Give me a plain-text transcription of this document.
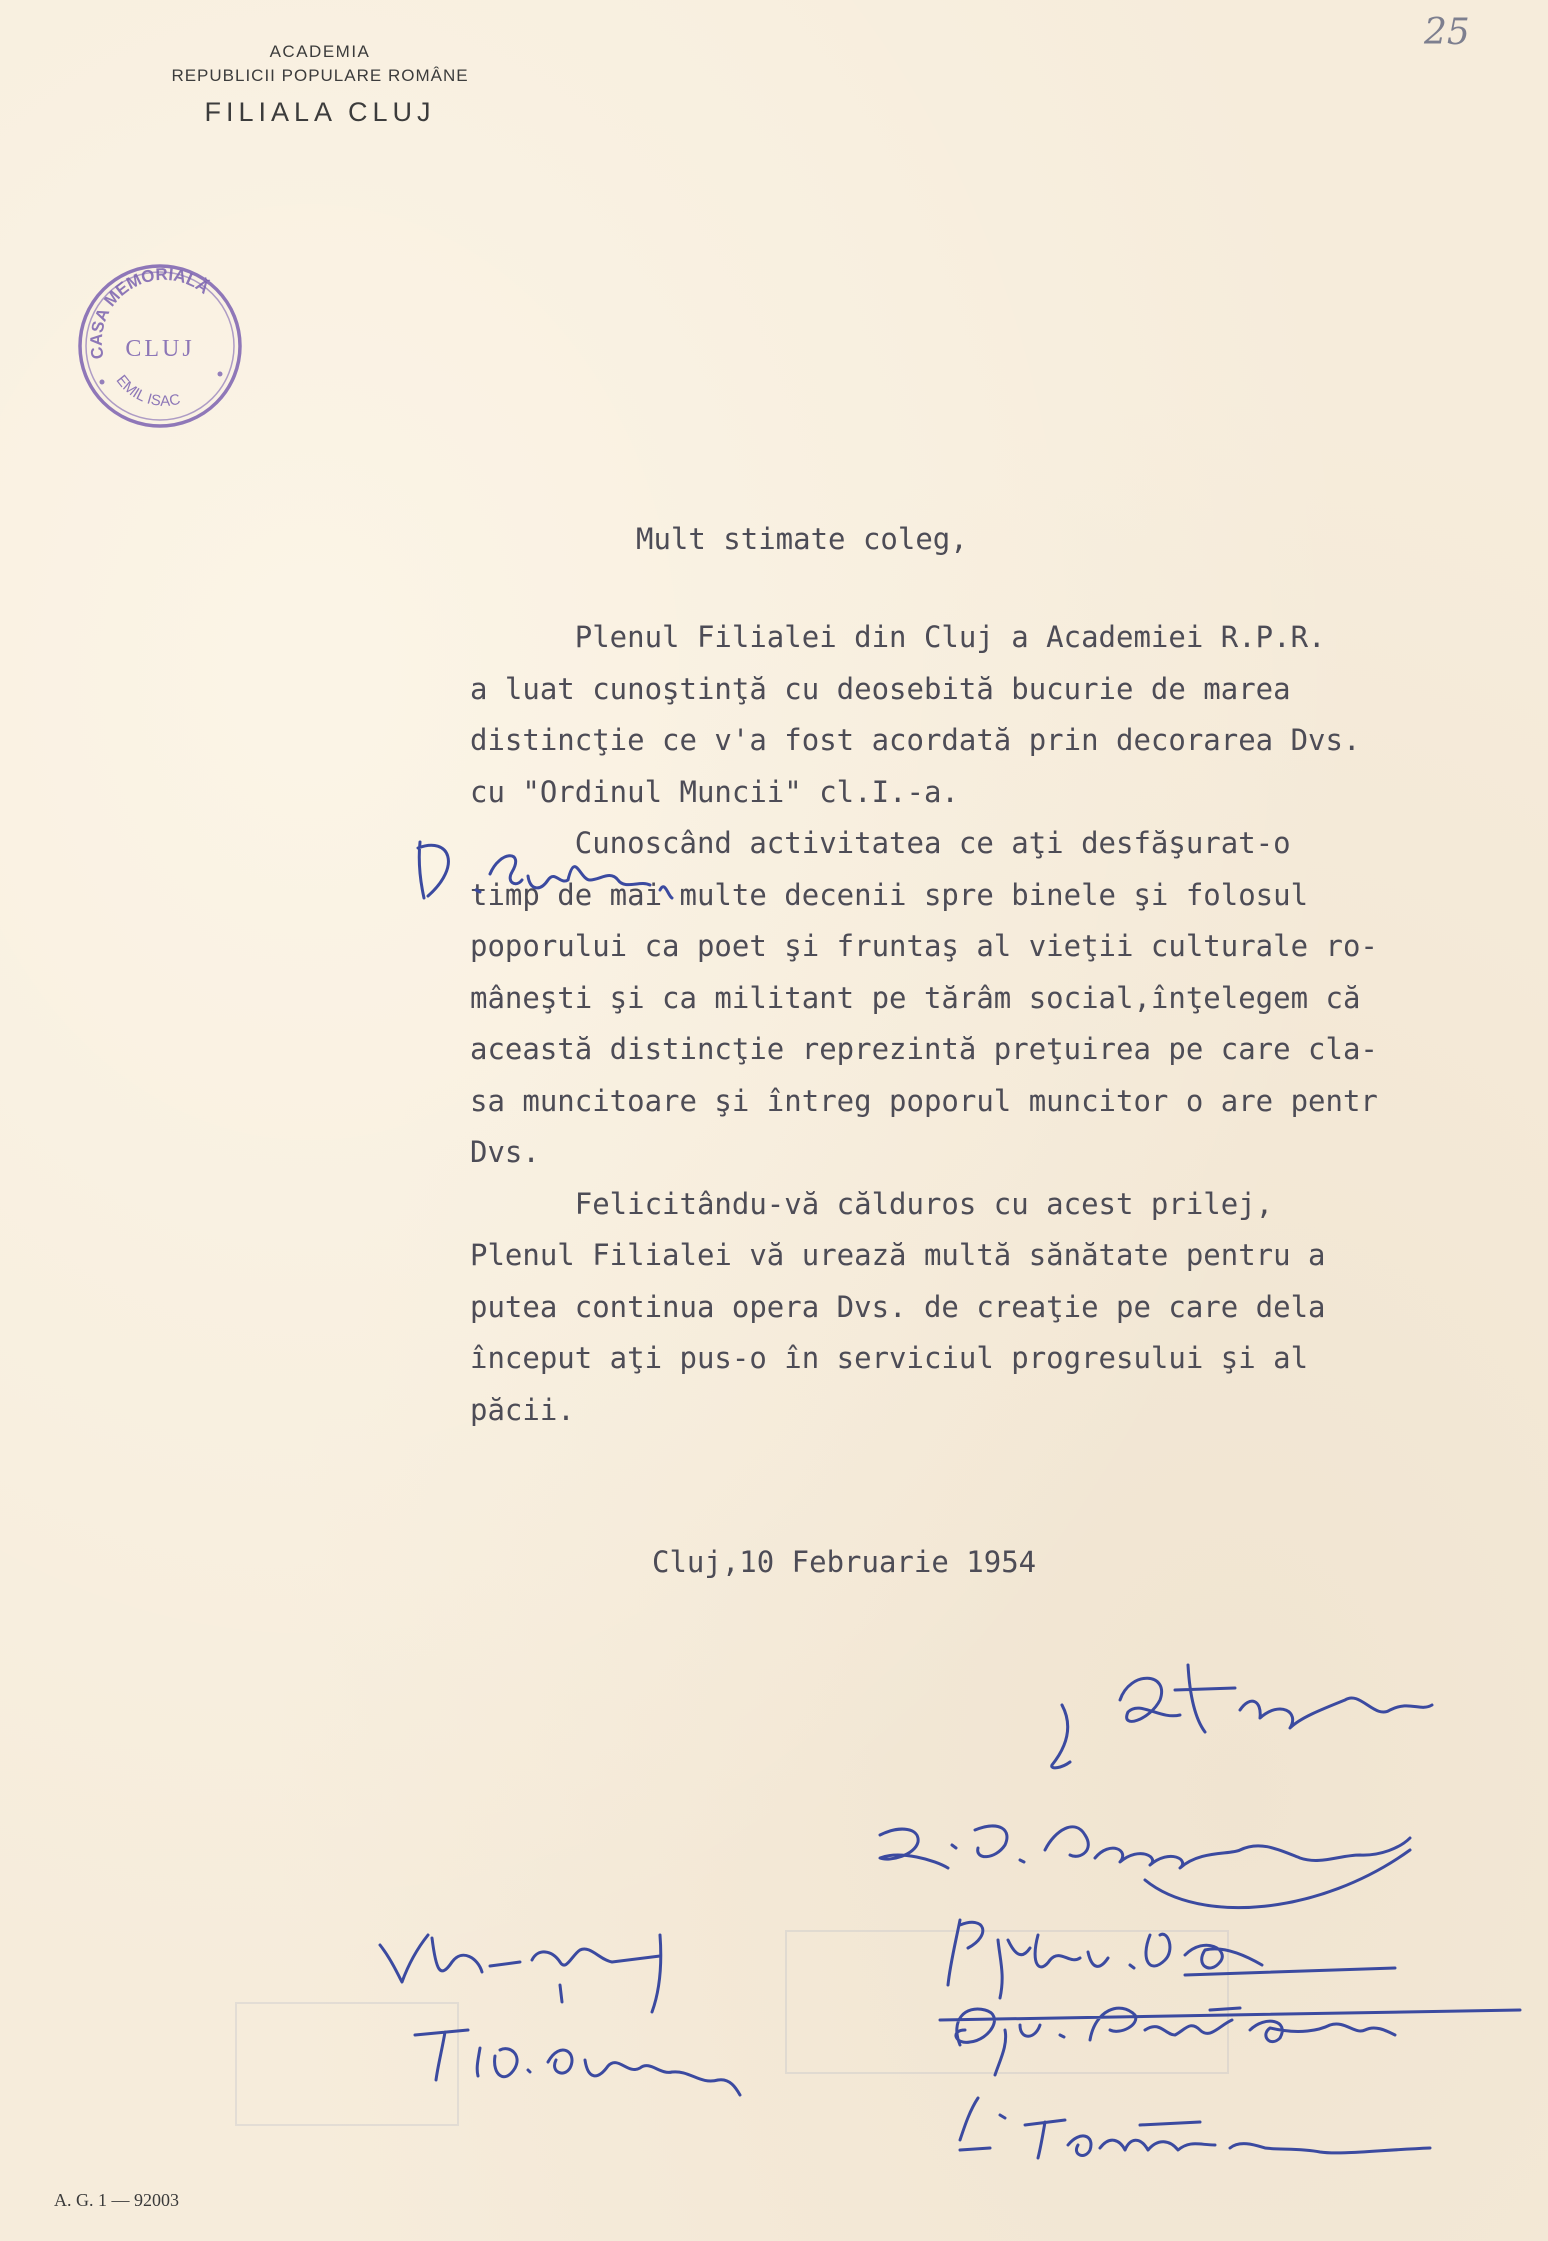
25
ACADEMIA
REPUBLICII POPULARE ROMÂNE
FILIALA CLUJ
CASA MEMORIALĂ
CLUJ
EMIL ISAC
Mult stimate coleg,
Plenul Filialei din Cluj a Academiei R.P.R.
a luat cunoştinţă cu deosebită bucurie de marea
distincţie ce v'a fost acordată prin decorarea Dvs.
cu "Ordinul Muncii" cl.I.-a.
Cunoscând activitatea ce aţi desfăşurat-o
timp de mai multe decenii spre binele şi folosul
poporului ca poet şi fruntaş al vieţii culturale ro-
mâneşti şi ca militant pe tărâm social,înţelegem că
această distincţie reprezintă preţuirea pe care cla-
sa muncitoare şi întreg poporul muncitor o are pentr
Dvs.
Felicitându-vă călduros cu acest prilej,
Plenul Filialei vă urează multă sănătate pentru a
putea continua opera Dvs. de creaţie pe care dela
început aţi pus-o în serviciul progresului şi al
păcii.
Cluj,10 Februarie 1954
A. G. 1 — 92003
